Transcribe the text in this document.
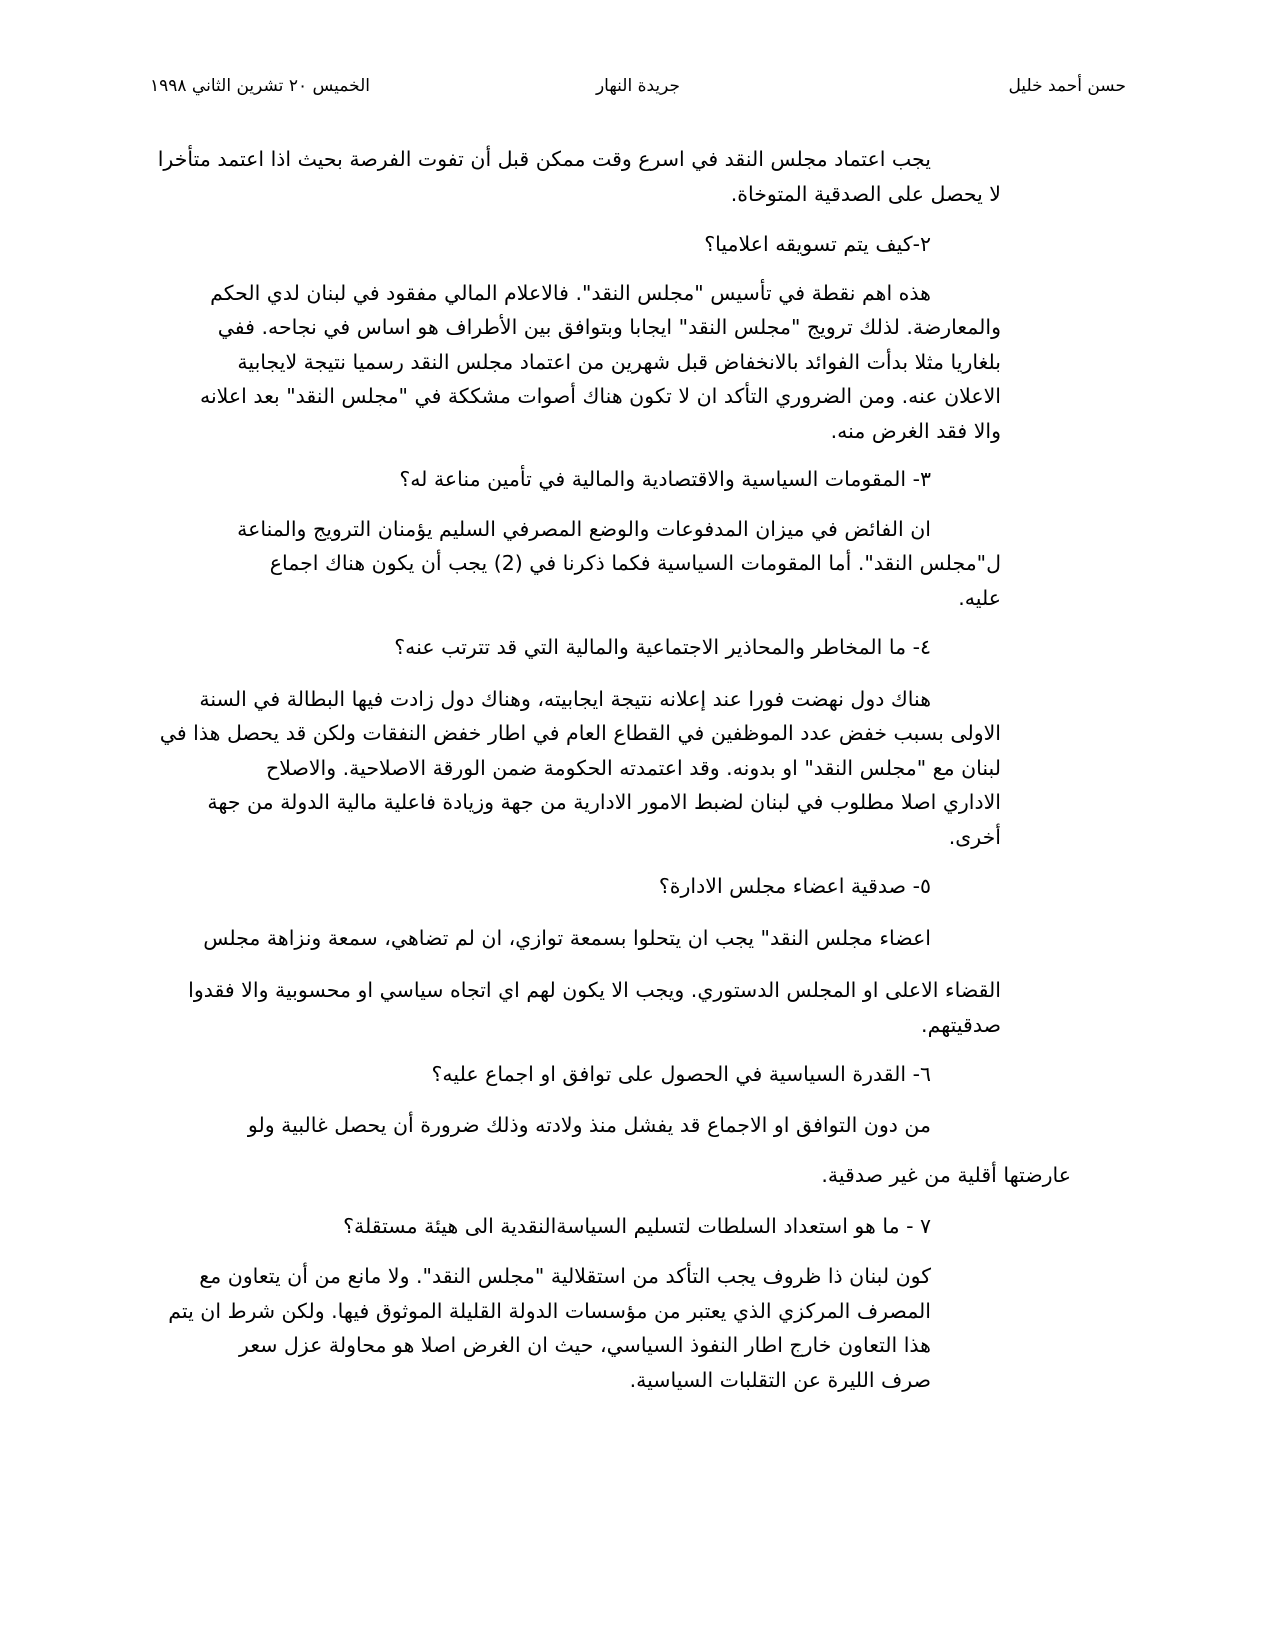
حسن أحمد خليل
جريدة النهار
الخميس ٢٠ تشرين الثاني ١٩٩٨
يجب اعتماد مجلس النقد في اسرع وقت ممكن قبل أن تفوت الفرصة بحيث اذا اعتمد متأخرا
لا يحصل على الصدقية المتوخاة.
٢-كيف يتم تسويقه اعلاميا؟
هذه اهم نقطة في تأسيس "مجلس النقد". فالاعلام المالي مفقود في لبنان لدي الحكم
والمعارضة. لذلك ترويج "مجلس النقد" ايجابا وبتوافق بين الأطراف هو اساس في نجاحه. ففي
بلغاريا مثلا بدأت الفوائد بالانخفاض قبل شهرين من اعتماد مجلس النقد رسميا نتيجة لايجابية
الاعلان عنه. ومن الضروري التأكد ان لا تكون هناك أصوات مشككة في "مجلس النقد" بعد اعلانه
والا فقد الغرض منه.
٣- المقومات السياسية والاقتصادية والمالية في تأمين مناعة له؟
ان الفائض في ميزان المدفوعات والوضع المصرفي السليم يؤمنان الترويج والمناعة
ل"مجلس النقد". أما المقومات السياسية فكما ذكرنا في (2) يجب أن يكون هناك اجماع
عليه.
٤- ما المخاطر والمحاذير الاجتماعية والمالية التي قد تترتب عنه؟
هناك دول نهضت فورا عند إعلانه نتيجة ايجابيته، وهناك دول زادت فيها البطالة في السنة
الاولى بسبب خفض عدد الموظفين في القطاع العام في اطار خفض النفقات ولكن قد يحصل هذا في
لبنان مع "مجلس النقد" او بدونه. وقد اعتمدته الحكومة ضمن الورقة الاصلاحية. والاصلاح
الاداري اصلا مطلوب في لبنان لضبط الامور الادارية من جهة وزيادة فاعلية مالية الدولة من جهة
أخرى.
٥- صدقية اعضاء مجلس الادارة؟
اعضاء مجلس النقد" يجب ان يتحلوا بسمعة توازي، ان لم تضاهي، سمعة ونزاهة مجلس
القضاء الاعلى او المجلس الدستوري. ويجب الا يكون لهم اي اتجاه سياسي او محسوبية والا فقدوا
صدقيتهم.
٦- القدرة السياسية في الحصول على توافق او اجماع عليه؟
من دون التوافق او الاجماع قد يفشل منذ ولادته وذلك ضرورة أن يحصل غالبية ولو
عارضتها أقلية من غير صدقية.
٧ - ما هو استعداد السلطات لتسليم السياسةالنقدية الى هيئة مستقلة؟
كون لبنان ذا ظروف يجب التأكد من استقلالية "مجلس النقد". ولا مانع من أن يتعاون مع
المصرف المركزي الذي يعتبر من مؤسسات الدولة القليلة الموثوق فيها. ولكن شرط ان يتم
هذا التعاون خارج اطار النفوذ السياسي، حيث ان الغرض اصلا هو محاولة عزل سعر
صرف الليرة عن التقلبات السياسية.
